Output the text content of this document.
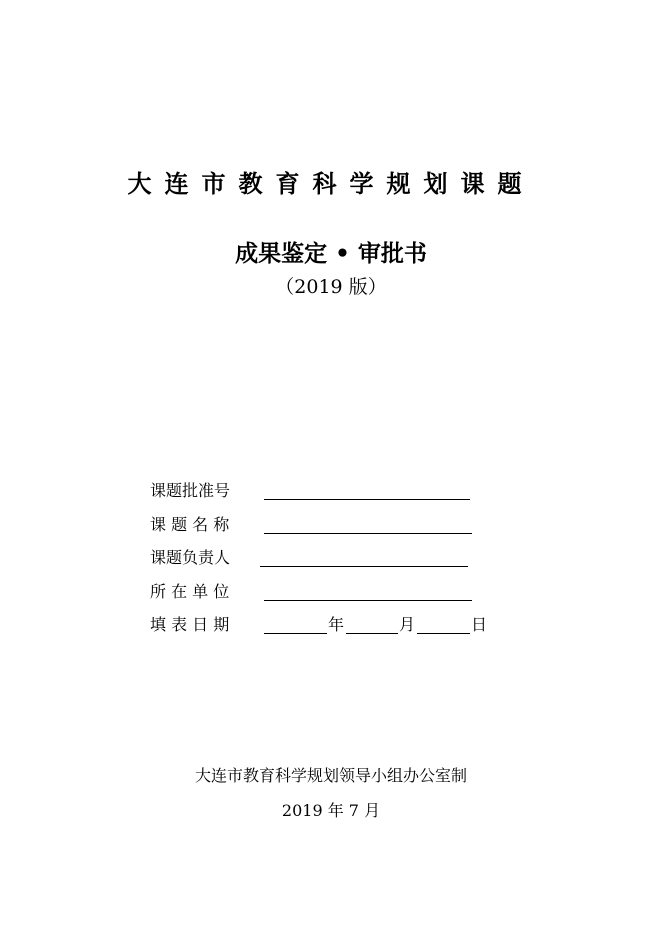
大连市教育科学规划课题
成果鉴定 • 审批书
（2019 版）
课题批准号
课 题 名 称
课题负责人
所 在 单 位
填 表 日 期	年	月	日
大连市教育科学规划领导小组办公室制
2019 年 7 月
